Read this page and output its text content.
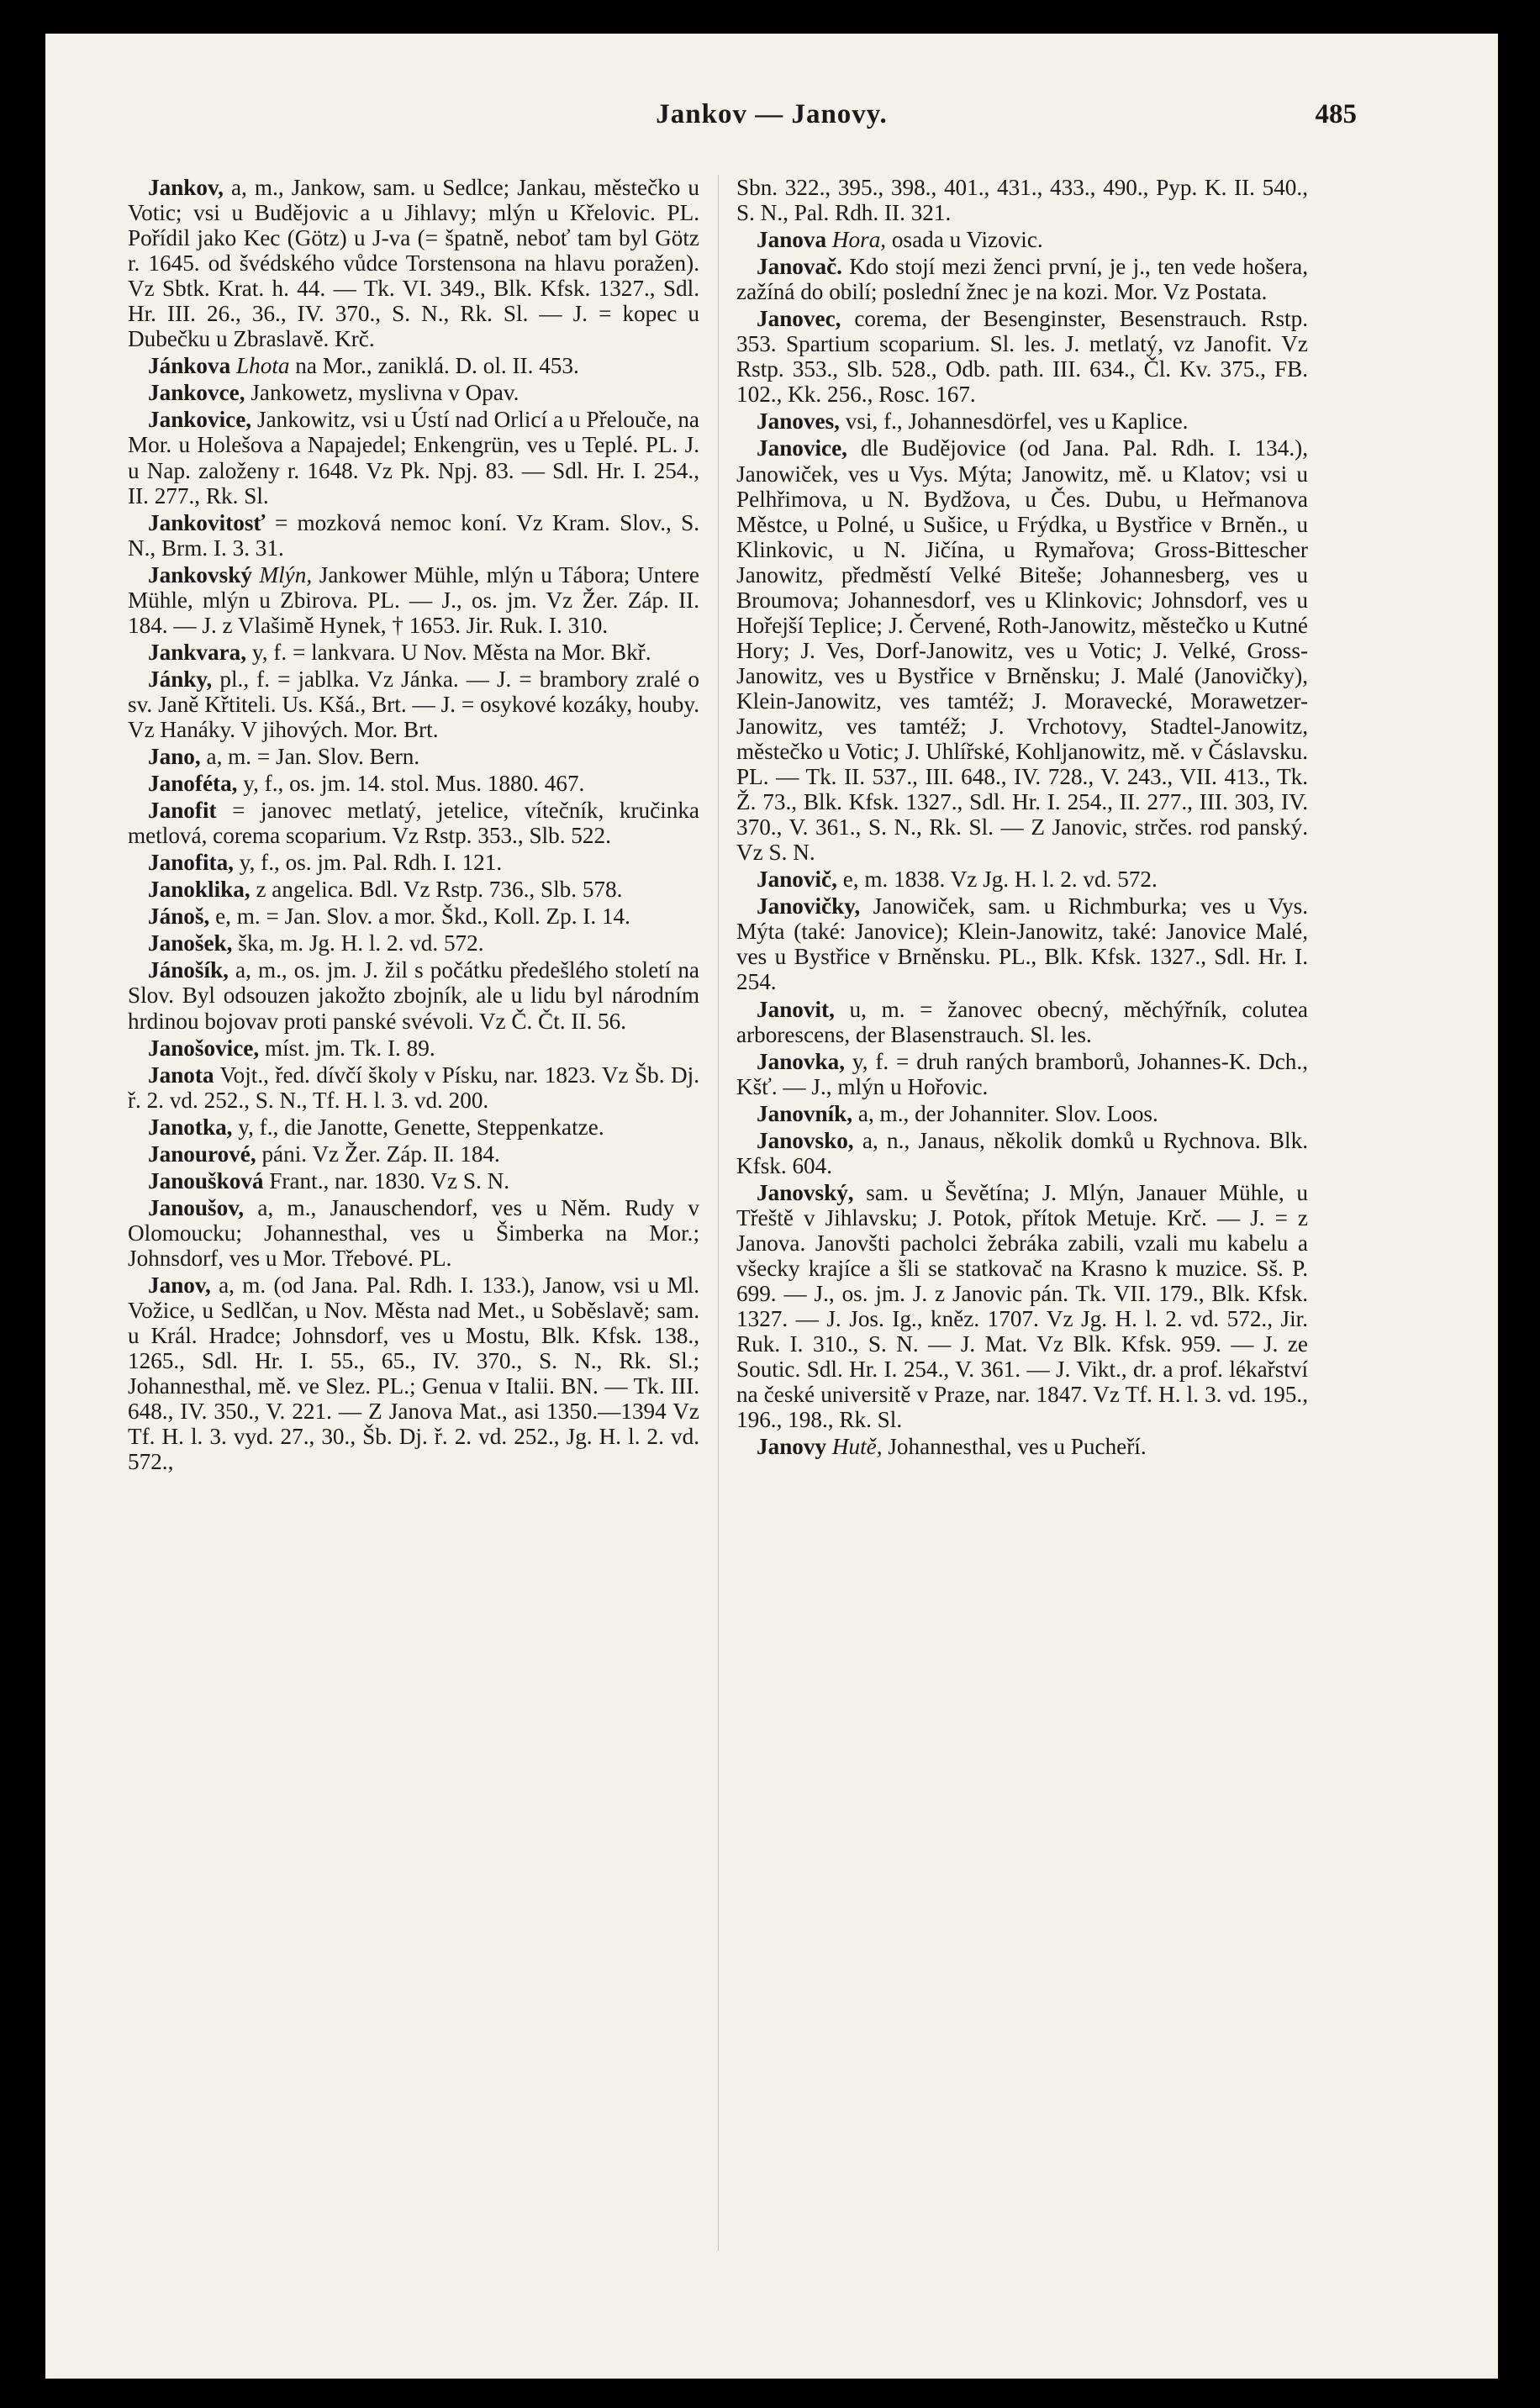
Jankov — Janovy.	485

Jankov, a, m., Jankow, sam. u Sedlce; Jankau, městečko u Votic; vsi u Budějovic a u Jihlavy; mlýn u Křelovic. PL. Pořídil jako Kec (Götz) u J-va (= špatně, neboť tam byl Götz r. 1645. od švédského vůdce Torstensona na hlavu poražen). Vz Sbtk. Krat. h. 44. — Tk. VI. 349., Blk. Kfsk. 1327., Sdl. Hr. III. 26., 36., IV. 370., S. N., Rk. Sl. — J. = kopec u Dubečku u Zbraslavě. Krč.

Jánkova Lhota na Mor., zaniklá. D. ol. II. 453.

Jankovce, Jankowetz, myslivna v Opav.

Jankovice, Jankowitz, vsi u Ústí nad Orlicí a u Přelouče, na Mor. u Holešova a Napajedel; Enkengrün, ves u Teplé. PL. J. u Nap. založeny r. 1648. Vz Pk. Npj. 83. — Sdl. Hr. I. 254., II. 277., Rk. Sl.

Jankovitosť = mozková nemoc koní. Vz Kram. Slov., S. N., Brm. I. 3. 31.

Jankovský Mlýn, Jankower Mühle, mlýn u Tábora; Untere Mühle, mlýn u Zbirova. PL. — J., os. jm. Vz Žer. Záp. II. 184. — J. z Vlašimě Hynek, † 1653. Jir. Ruk. I. 310.

Jankvara, y, f. = lankvara. U Nov. Města na Mor. Bkř.

Jánky, pl., f. = jablka. Vz Jánka. — J. = brambory zralé o sv. Janě Křtiteli. Us. Kšá., Brt. — J. = osykové kozáky, houby. Vz Hanáky. V jihových. Mor. Brt.

Jano, a, m. = Jan. Slov. Bern.

Janoféta, y, f., os. jm. 14. stol. Mus. 1880. 467.

Janofit = janovec metlatý, jetelice, vítečník, kručinka metlová, corema scoparium. Vz Rstp. 353., Slb. 522.

Janofita, y, f., os. jm. Pal. Rdh. I. 121.

Janoklika, z angelica. Bdl. Vz Rstp. 736., Slb. 578.

Jánoš, e, m. = Jan. Slov. a mor. Škd., Koll. Zp. I. 14.

Janošek, ška, m. Jg. H. l. 2. vd. 572.

Jánošík, a, m., os. jm. J. žil s počátku předešlého století na Slov. Byl odsouzen jakožto zbojník, ale u lidu byl národním hrdinou bojovav proti panské svévoli. Vz Č. Čt. II. 56.

Janošovice, míst. jm. Tk. I. 89.

Janota Vojt., řed. dívčí školy v Písku, nar. 1823. Vz Šb. Dj. ř. 2. vd. 252., S. N., Tf. H. l. 3. vd. 200.

Janotka, y, f., die Janotte, Genette, Steppenkatze.

Janourové, páni. Vz Žer. Záp. II. 184.

Janoušková Frant., nar. 1830. Vz S. N.

Janoušov, a, m., Janauschendorf, ves u Něm. Rudy v Olomoucku; Johannesthal, ves u Šimberka na Mor.; Johnsdorf, ves u Mor. Třebové. PL.

Janov, a, m. (od Jana. Pal. Rdh. I. 133.), Janow, vsi u Ml. Vožice, u Sedlčan, u Nov. Města nad Met., u Soběslavě; sam. u Král. Hradce; Johnsdorf, ves u Mostu, Blk. Kfsk. 138., 1265., Sdl. Hr. I. 55., 65., IV. 370., S. N., Rk. Sl.; Johannesthal, mě. ve Slez. PL.; Genua v Italii. BN. — Tk. III. 648., IV. 350., V. 221. — Z Janova Mat., asi 1350.—1394 Vz Tf. H. l. 3. vyd. 27., 30., Šb. Dj. ř. 2. vd. 252., Jg. H. l. 2. vd. 572.,

Sbn. 322., 395., 398., 401., 431., 433., 490., Pyp. K. II. 540., S. N., Pal. Rdh. II. 321.

Janova Hora, osada u Vizovic.

Janovač. Kdo stojí mezi ženci první, je j., ten vede hošera, zažíná do obilí; poslední žnec je na kozi. Mor. Vz Postata.

Janovec, corema, der Besenginster, Besenstrauch. Rstp. 353. Spartium scoparium. Sl. les. J. metlatý, vz Janofit. Vz Rstp. 353., Slb. 528., Odb. path. III. 634., Čl. Kv. 375., FB. 102., Kk. 256., Rosc. 167.

Janoves, vsi, f., Johannesdörfel, ves u Kaplice.

Janovice, dle Budějovice (od Jana. Pal. Rdh. I. 134.), Janowiček, ves u Vys. Mýta; Janowitz, mě. u Klatov; vsi u Pelhřimova, u N. Bydžova, u Čes. Dubu, u Heřmanova Městce, u Polné, u Sušice, u Frýdka, u Bystřice v Brněn., u Klinkovic, u N. Jičína, u Rymařova; Gross-Bittescher Janowitz, předměstí Velké Biteše; Johannesberg, ves u Broumova; Johannesdorf, ves u Klinkovic; Johnsdorf, ves u Hořejší Teplice; J. Červené, Roth-Janowitz, městečko u Kutné Hory; J. Ves, Dorf-Janowitz, ves u Votic; J. Velké, Gross-Janowitz, ves u Bystřice v Brněnsku; J. Malé (Janovičky), Klein-Janowitz, ves tamtéž; J. Moravecké, Morawetzer-Janowitz, ves tamtéž; J. Vrchotovy, Stadtel-Janowitz, městečko u Votic; J. Uhlířské, Kohljanowitz, mě. v Čáslavsku. PL. — Tk. II. 537., III. 648., IV. 728., V. 243., VII. 413., Tk. Ž. 73., Blk. Kfsk. 1327., Sdl. Hr. I. 254., II. 277., III. 303, IV. 370., V. 361., S. N., Rk. Sl. — Z Janovic, strčes. rod panský. Vz S. N.

Janovič, e, m. 1838. Vz Jg. H. l. 2. vd. 572.

Janovičky, Janowiček, sam. u Richmburka; ves u Vys. Mýta (také: Janovice); Klein-Janowitz, také: Janovice Malé, ves u Bystřice v Brněnsku. PL., Blk. Kfsk. 1327., Sdl. Hr. I. 254.

Janovit, u, m. = žanovec obecný, měchýřník, colutea arborescens, der Blasenstrauch. Sl. les.

Janovka, y, f. = druh raných bramborů, Johannes-K. Dch., Kšť. — J., mlýn u Hořovic.

Janovník, a, m., der Johanniter. Slov. Loos.

Janovsko, a, n., Janaus, několik domků u Rychnova. Blk. Kfsk. 604.

Janovský, sam. u Ševětína; J. Mlýn, Janauer Mühle, u Třeště v Jihlavsku; J. Potok, přítok Metuje. Krč. — J. = z Janova. Janovšti pacholci žebráka zabili, vzali mu kabelu a všecky krajíce a šli se statkovač na Krasno k muzice. Sš. P. 699. — J., os. jm. J. z Janovic pán. Tk. VII. 179., Blk. Kfsk. 1327. — J. Jos. Ig., kněz. 1707. Vz Jg. H. l. 2. vd. 572., Jir. Ruk. I. 310., S. N. — J. Mat. Vz Blk. Kfsk. 959. — J. ze Soutic. Sdl. Hr. I. 254., V. 361. — J. Vikt., dr. a prof. lékařství na české universitě v Praze, nar. 1847. Vz Tf. H. l. 3. vd. 195., 196., 198., Rk. Sl.

Janovy Hutě, Johannesthal, ves u Pucheří.
